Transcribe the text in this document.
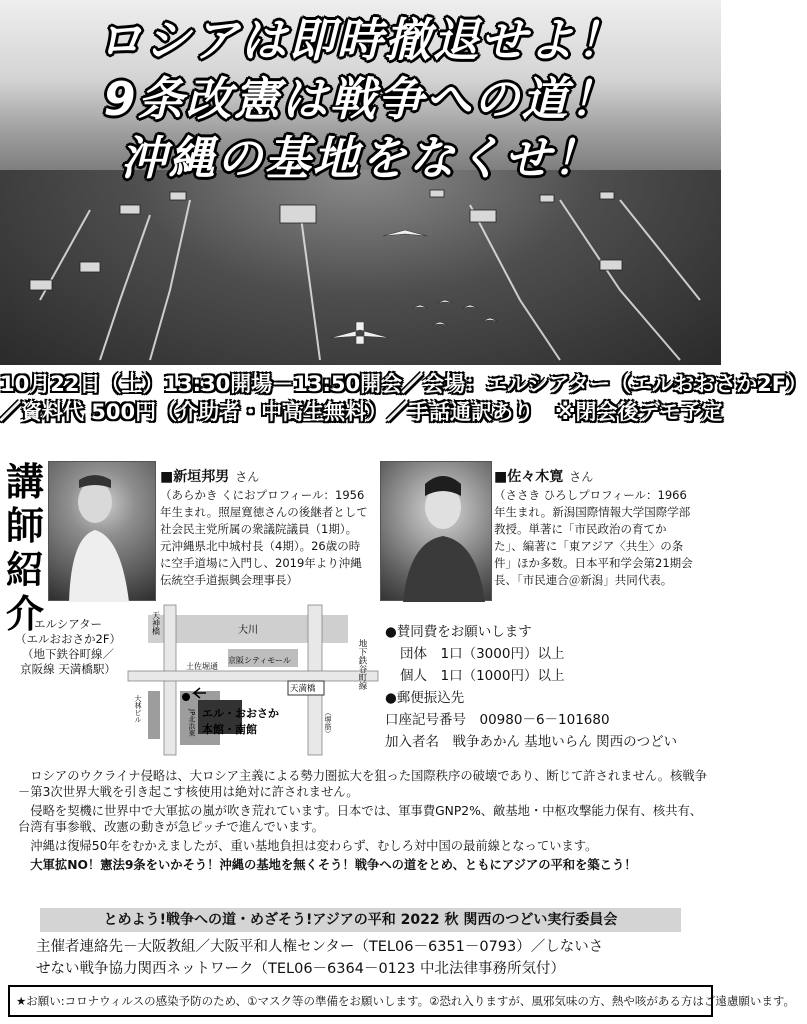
ロシアは即時撤退せよ！
9条改憲は戦争への道！
沖縄の基地をなくせ！
10月22日（土）13:30開場－13:50開会／会場：エルシアター（エルおおさか2F）
／資料代 500円（介助者・中高生無料）／手話通訳あり　※閉会後デモ予定
講師紹介
■新垣邦男 さん
（あらかき くにおプロフィール：1956年生まれ。照屋寛徳さんの後継者として社会民主党所属の衆議院議員（1期）。元沖縄県北中城村長（4期）。26歳の時に空手道場に入門し、2019年より沖縄伝統空手道振興会理事長）
■佐々木寛 さん
（ささき ひろしプロフィール：1966年生まれ。新潟国際情報大学国際学部教授。単著に「市民政治の育てかた」、編著に「東アジア〈共生〉の条件」ほか多数。日本平和学会第21期会長、「市民連合＠新潟」共同代表。
エルシアター
（エルおおさか2F）
（地下鉄谷町線／
京阪線 天満橋駅）
大川
天神橋
土佐堀通
京阪シティモール
天満橋	地下鉄谷町線
JP北浜東
大林ビル	エル・おおさか
本館・南館	（堺筋）
●賛同費をお願いします
団体　1口（3000円）以上
個人　1口（1000円）以上
●郵便振込先
口座記号番号　00980－6－101680
加入者名　戦争あかん 基地いらん 関西のつどい

ロシアのウクライナ侵略は、大ロシア主義による勢力圏拡大を狙った国際秩序の破壊であり、断じて許されません。核戦争－第3次世界大戦を引き起こす核使用は絶対に許されません。

侵略を契機に世界中で大軍拡の嵐が吹き荒れています。日本では、軍事費GNP2%、敵基地・中枢攻撃能力保有、核共有、台湾有事参戦、改憲の動きが急ピッチで進んでいます。

沖縄は復帰50年をむかえましたが、重い基地負担は変わらず、むしろ対中国の最前線となっています。

大軍拡NO！憲法9条をいかそう！沖縄の基地を無くそう！戦争への道をとめ、ともにアジアの平和を築こう！

とめよう!戦争への道・めざそう!アジアの平和 2022 秋 関西のつどい実行委員会
主催者連絡先－大阪教組／大阪平和人権センター（TEL06－6351－0793）／しないさ
せない戦争協力関西ネットワーク（TEL06－6364－0123 中北法律事務所気付）
★お願い:コロナウィルスの感染予防のため、①マスク等の準備をお願いします。②恐れ入りますが、風邪気味の方、熱や咳がある方はご遠慮願います。
